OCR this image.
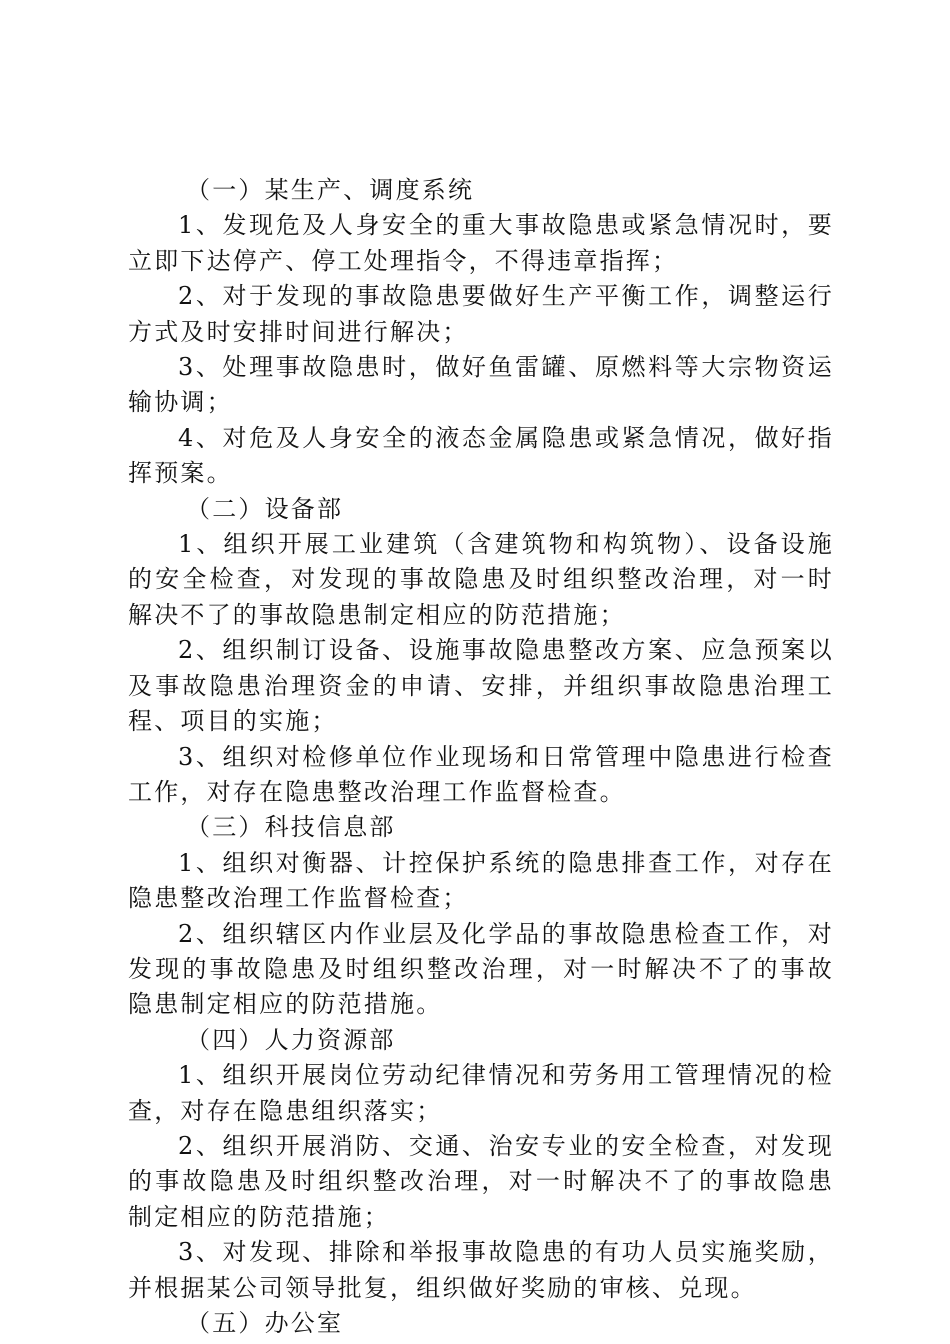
（一）某生产、调度系统

1、发现危及人身安全的重大事故隐患或紧急情况时，要立即下达停产、停工处理指令，不得违章指挥；

2、对于发现的事故隐患要做好生产平衡工作，调整运行方式及时安排时间进行解决；

3、处理事故隐患时，做好鱼雷罐、原燃料等大宗物资运输协调；

4、对危及人身安全的液态金属隐患或紧急情况，做好指挥预案。

（二）设备部

1、组织开展工业建筑（含建筑物和构筑物）、设备设施的安全检查，对发现的事故隐患及时组织整改治理，对一时解决不了的事故隐患制定相应的防范措施；

2、组织制订设备、设施事故隐患整改方案、应急预案以及事故隐患治理资金的申请、安排，并组织事故隐患治理工程、项目的实施；

3、组织对检修单位作业现场和日常管理中隐患进行检查工作，对存在隐患整改治理工作监督检查。

（三）科技信息部

1、组织对衡器、计控保护系统的隐患排查工作，对存在隐患整改治理工作监督检查；

2、组织辖区内作业层及化学品的事故隐患检查工作，对发现的事故隐患及时组织整改治理，对一时解决不了的事故隐患制定相应的防范措施。

（四）人力资源部

1、组织开展岗位劳动纪律情况和劳务用工管理情况的检查，对存在隐患组织落实；

2、组织开展消防、交通、治安专业的安全检查，对发现的事故隐患及时组织整改治理，对一时解决不了的事故隐患制定相应的防范措施；

3、对发现、排除和举报事故隐患的有功人员实施奖励，并根据某公司领导批复，组织做好奖励的审核、兑现。

（五）办公室
